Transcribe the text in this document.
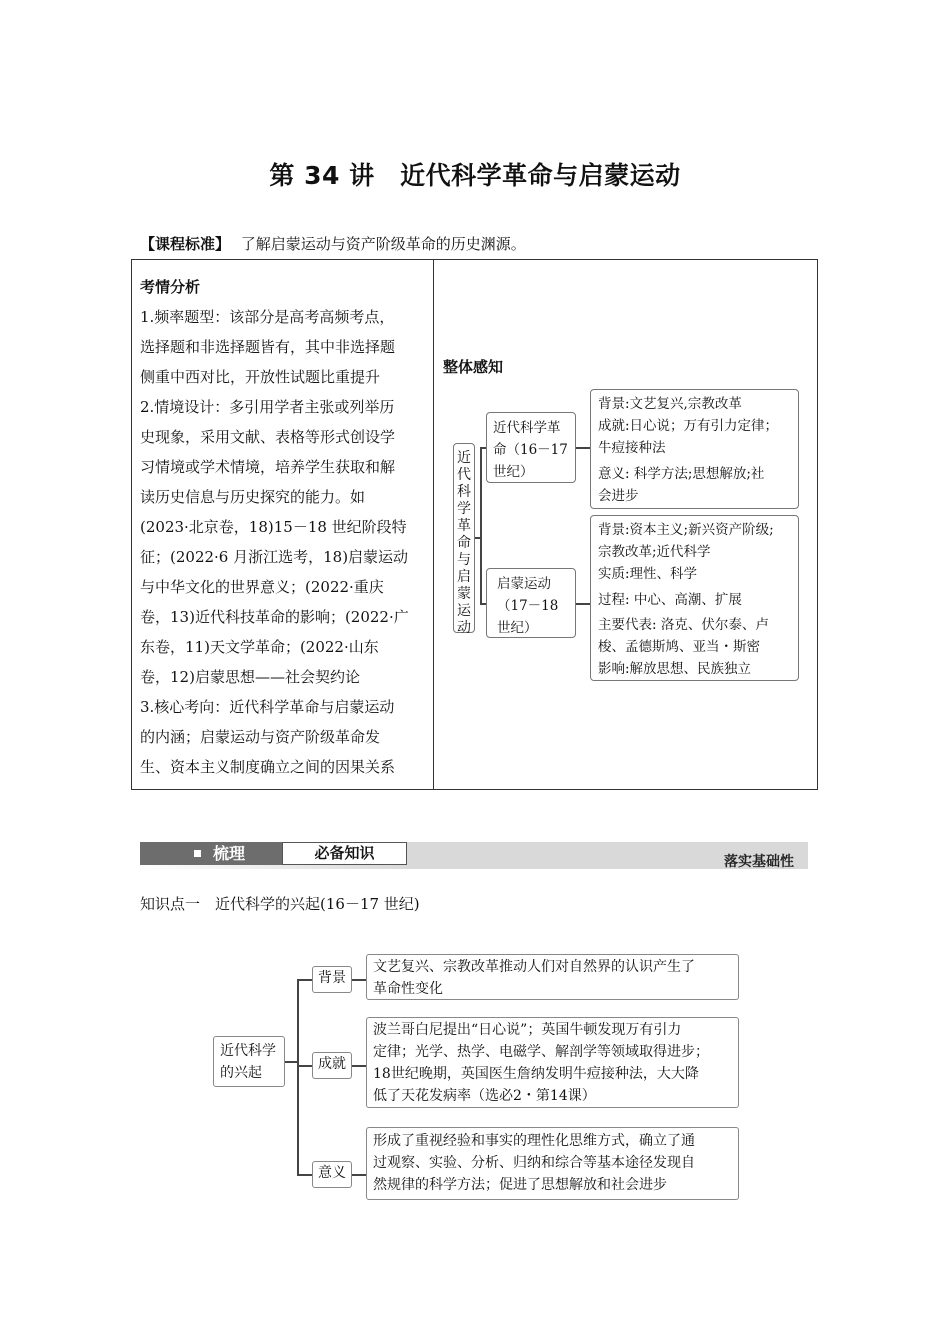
第 34 讲　近代科学革命与启蒙运动
【课程标准】 了解启蒙运动与资产阶级革命的历史渊源。

考情分析

1.频率题型：该部分是高考高频考点，

选择题和非选择题皆有，其中非选择题

侧重中西对比，开放性试题比重提升

2.情境设计：多引用学者主张或列举历

史现象，采用文献、表格等形式创设学

习情境或学术情境，培养学生获取和解

读历史信息与历史探究的能力。如

(2023·北京卷，18)15－18 世纪阶段特

征；(2022·6 月浙江选考，18)启蒙运动

与中华文化的世界意义；(2022·重庆

卷，13)近代科技革命的影响；(2022·广

东卷，11)天文学革命；(2022·山东

卷，12)启蒙思想——社会契约论

3.核心考向：近代科学革命与启蒙运动

的内涵；启蒙运动与资产阶级革命发

生、资本主义制度确立之间的因果关系

整体感知
近代科学革命与启蒙运动
近代科学革
命（16－17
世纪）
启蒙运动
（17－18
世纪）
背景:文艺复兴,宗教改革
成就:日心说；万有引力定律；
牛痘接种法
意义: 科学方法;思想解放;社
会进步
背景:资本主义;新兴资产阶级;
宗教改革;近代科学
实质:理性、科学
过程: 中心、高潮、扩展
主要代表: 洛克、伏尔泰、卢
梭、孟德斯鸠、亚当・斯密
影响:解放思想、民族独立
梳理	必备知识	落实基础性
知识点一　近代科学的兴起(16－17 世纪)
近代科学
的兴起
背景
成就
意义
文艺复兴、宗教改革推动人们对自然界的认识产生了
革命性变化
波兰哥白尼提出“日心说”；英国牛顿发现万有引力
定律；光学、热学、电磁学、解剖学等领域取得进步；
18世纪晚期，英国医生詹纳发明牛痘接种法，大大降
低了天花发病率（选必2・第14课）
形成了重视经验和事实的理性化思维方式，确立了通
过观察、实验、分析、归纳和综合等基本途径发现自
然规律的科学方法；促进了思想解放和社会进步
